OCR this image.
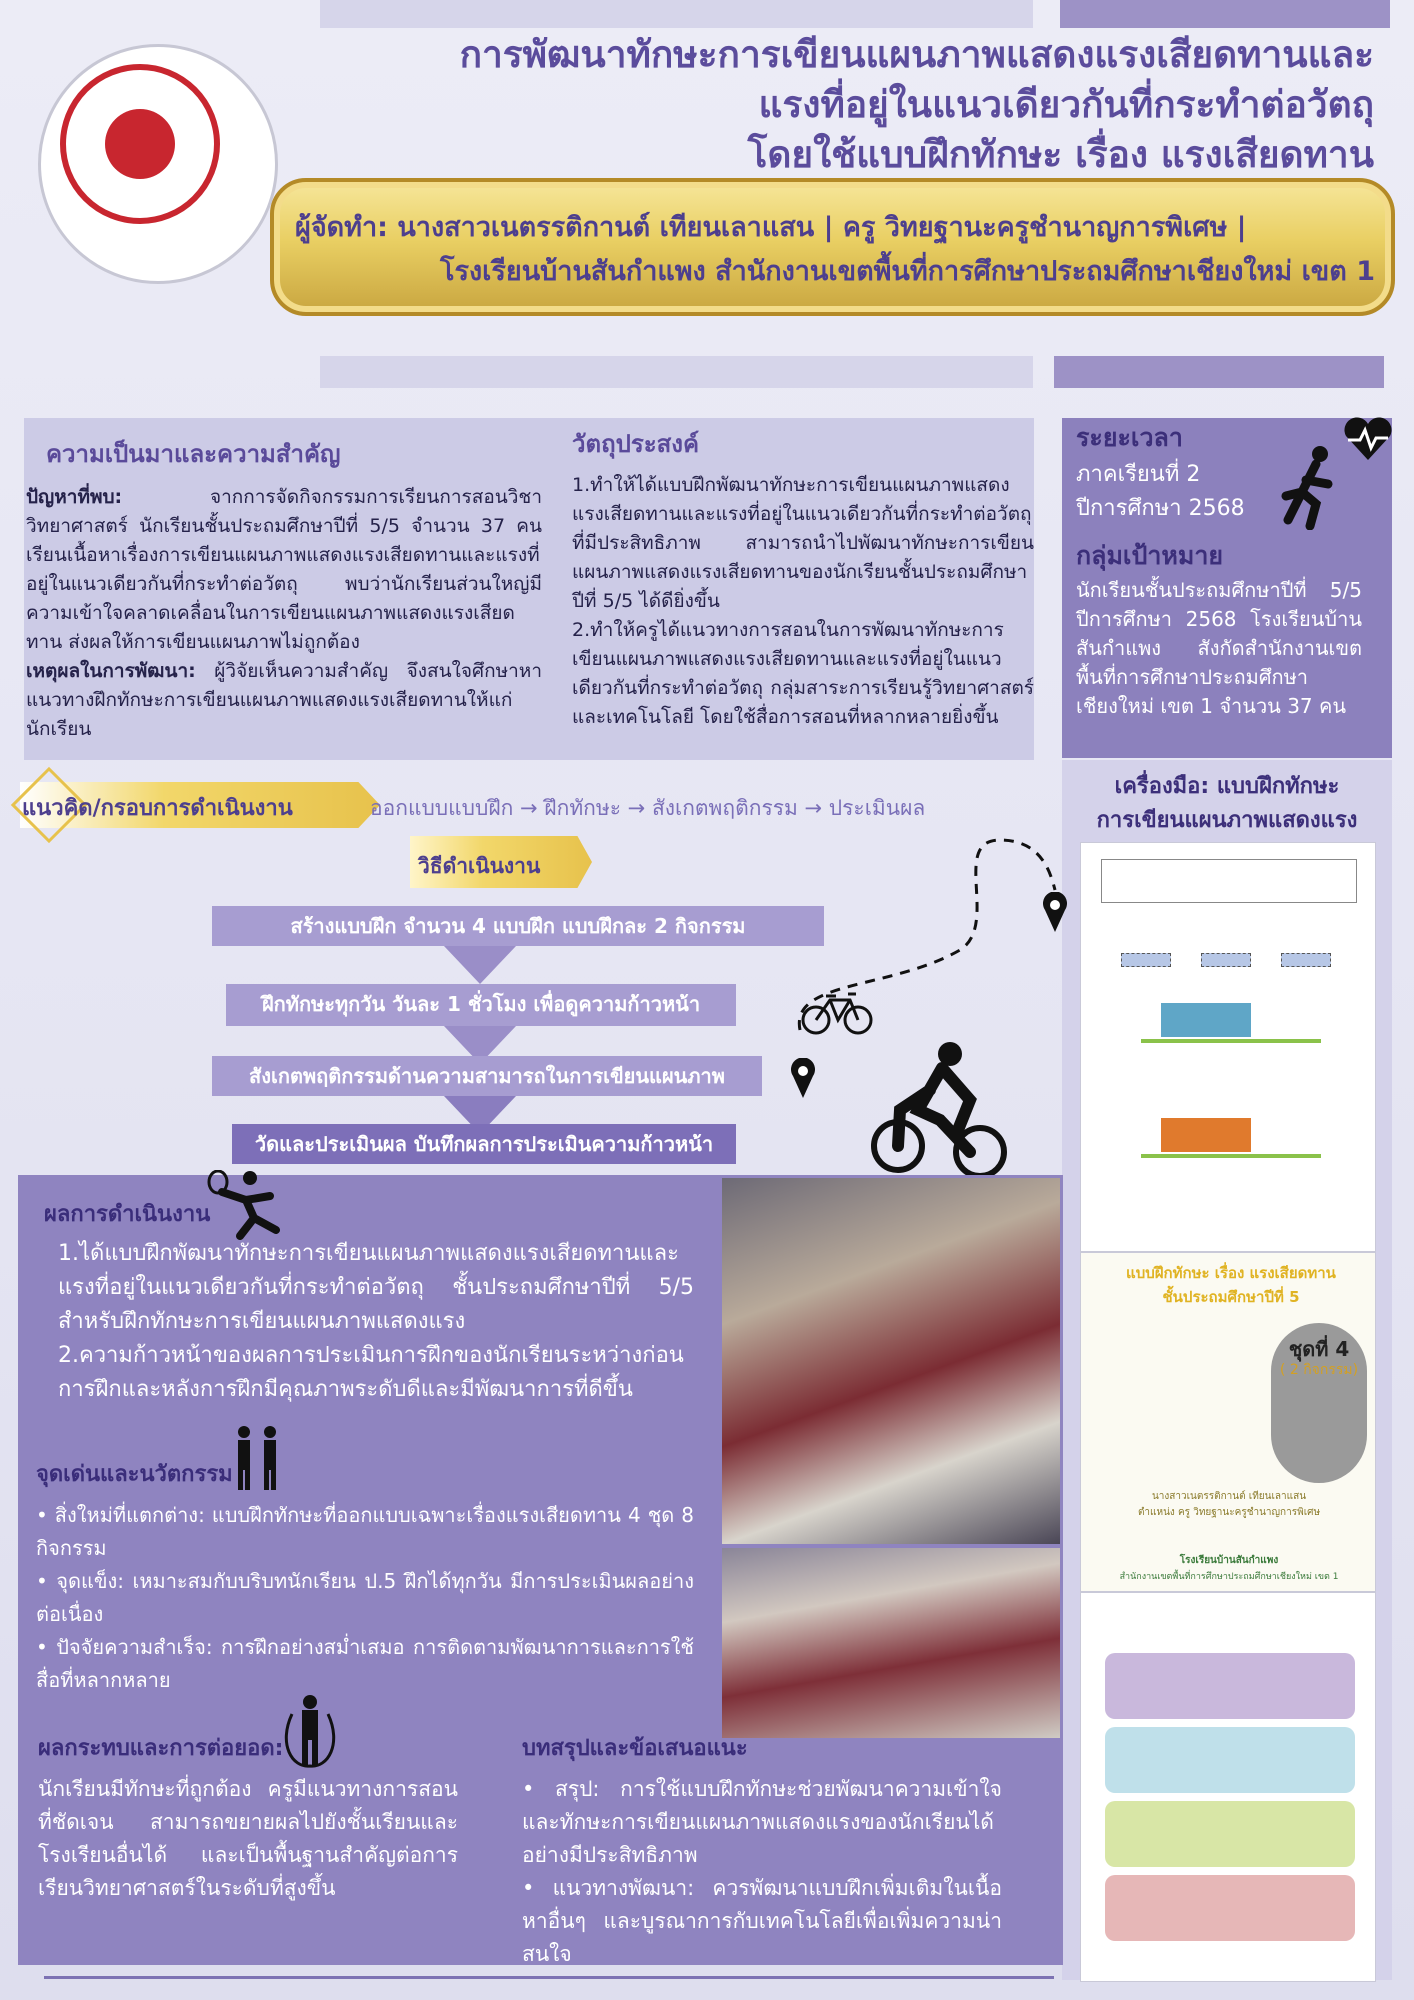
การพัฒนาทักษะการเขียนแผนภาพแสดงแรงเสียดทานและ
แรงที่อยู่ในแนวเดียวกันที่กระทำต่อวัตถุ
โดยใช้แบบฝึกทักษะ เรื่อง แรงเสียดทาน
ผู้จัดทำ: นางสาวเนตรรติกานต์ เทียนเลาแสน | ครู วิทยฐานะครูชำนาญการพิเศษ |
โรงเรียนบ้านสันกำแพง สำนักงานเขตพื้นที่การศึกษาประถมศึกษาเชียงใหม่ เขต 1
ความเป็นมาและความสำคัญ
ปัญหาที่พบ:	จากการจัดกิจกรรมการเรียนการสอนวิชาวิทยาศาสตร์ นักเรียนชั้นประถมศึกษาปีที่ 5/5 จำนวน 37 คน เรียนเนื้อหาเรื่องการเขียนแผนภาพแสดงแรงเสียดทานและแรงที่อยู่ในแนวเดียวกันที่กระทำต่อวัตถุ พบว่านักเรียนส่วนใหญ่มีความเข้าใจคลาดเคลื่อนในการเขียนแผนภาพแสดงแรงเสียดทาน ส่งผลให้การเขียนแผนภาพไม่ถูกต้อง
เหตุผลในการพัฒนา: ผู้วิจัยเห็นความสำคัญ จึงสนใจศึกษาหาแนวทางฝึกทักษะการเขียนแผนภาพแสดงแรงเสียดทานให้แก่นักเรียน
วัตถุประสงค์
1.ทำให้ได้แบบฝึกพัฒนาทักษะการเขียนแผนภาพแสดงแรงเสียดทานและแรงที่อยู่ในแนวเดียวกันที่กระทำต่อวัตถุ ที่มีประสิทธิภาพ สามารถนำไปพัฒนาทักษะการเขียนแผนภาพแสดงแรงเสียดทานของนักเรียนชั้นประถมศึกษาปีที่ 5/5 ได้ดียิ่งขึ้น
2.ทำให้ครูได้แนวทางการสอนในการพัฒนาทักษะการเขียนแผนภาพแสดงแรงเสียดทานและแรงที่อยู่ในแนวเดียวกันที่กระทำต่อวัตถุ กลุ่มสาระการเรียนรู้วิทยาศาสตร์และเทคโนโลยี โดยใช้สื่อการสอนที่หลากหลายยิ่งขึ้น
ระยะเวลา
ภาคเรียนที่ 2
ปีการศึกษา 2568
กลุ่มเป้าหมาย
นักเรียนชั้นประถมศึกษาปีที่ 5/5 ปีการศึกษา 2568 โรงเรียนบ้านสันกำแพง สังกัดสำนักงานเขตพื้นที่การศึกษาประถมศึกษาเชียงใหม่ เขต 1 จำนวน 37 คน
เครื่องมือ: แบบฝึกทักษะ
การเขียนแผนภาพแสดงแรง
แบบฝึกทักษะ เรื่อง แรงเสียดทาน
ชั้นประถมศึกษาปีที่ 5
ชุดที่ 4
( 2 กิจกรรม)
นางสาวเนตรรติกานต์ เทียนเลาแสน
ตำแหน่ง ครู วิทยฐานะครูชำนาญการพิเศษ
โรงเรียนบ้านสันกำแพง
สำนักงานเขตพื้นที่การศึกษาประถมศึกษาเชียงใหม่ เขต 1
แนวคิด/กรอบการดำเนินงาน	ออกแบบแบบฝึก → ฝึกทักษะ → สังเกตพฤติกรรม → ประเมินผล
วิธีดำเนินงาน
สร้างแบบฝึก จำนวน 4 แบบฝึก แบบฝึกละ 2 กิจกรรม
ฝึกทักษะทุกวัน วันละ 1 ชั่วโมง เพื่อดูความก้าวหน้า
สังเกตพฤติกรรมด้านความสามารถในการเขียนแผนภาพ
วัดและประเมินผล บันทึกผลการประเมินความก้าวหน้า
ผลการดำเนินงาน
1.ได้แบบฝึกพัฒนาทักษะการเขียนแผนภาพแสดงแรงเสียดทานและแรงที่อยู่ในแนวเดียวกันที่กระทำต่อวัตถุ ชั้นประถมศึกษาปีที่ 5/5 สำหรับฝึกทักษะการเขียนแผนภาพแสดงแรง
2.ความก้าวหน้าของผลการประเมินการฝึกของนักเรียนระหว่างก่อนการฝึกและหลังการฝึกมีคุณภาพระดับดีและมีพัฒนาการที่ดีขึ้น
จุดเด่นและนวัตกรรม
• สิ่งใหม่ที่แตกต่าง: แบบฝึกทักษะที่ออกแบบเฉพาะเรื่องแรงเสียดทาน 4 ชุด 8 กิจกรรม
• จุดแข็ง: เหมาะสมกับบริบทนักเรียน ป.5 ฝึกได้ทุกวัน มีการประเมินผลอย่างต่อเนื่อง
• ปัจจัยความสำเร็จ: การฝึกอย่างสม่ำเสมอ การติดตามพัฒนาการและการใช้สื่อที่หลากหลาย
ผลกระทบและการต่อยอด:
นักเรียนมีทักษะที่ถูกต้อง ครูมีแนวทางการสอนที่ชัดเจน สามารถขยายผลไปยังชั้นเรียนและโรงเรียนอื่นได้ และเป็นพื้นฐานสำคัญต่อการเรียนวิทยาศาสตร์ในระดับที่สูงขึ้น
บทสรุปและข้อเสนอแนะ
• สรุป: การใช้แบบฝึกทักษะช่วยพัฒนาความเข้าใจและทักษะการเขียนแผนภาพแสดงแรงของนักเรียนได้อย่างมีประสิทธิภาพ
• แนวทางพัฒนา: ควรพัฒนาแบบฝึกเพิ่มเติมในเนื้อหาอื่นๆ และบูรณาการกับเทคโนโลยีเพื่อเพิ่มความน่าสนใจ
